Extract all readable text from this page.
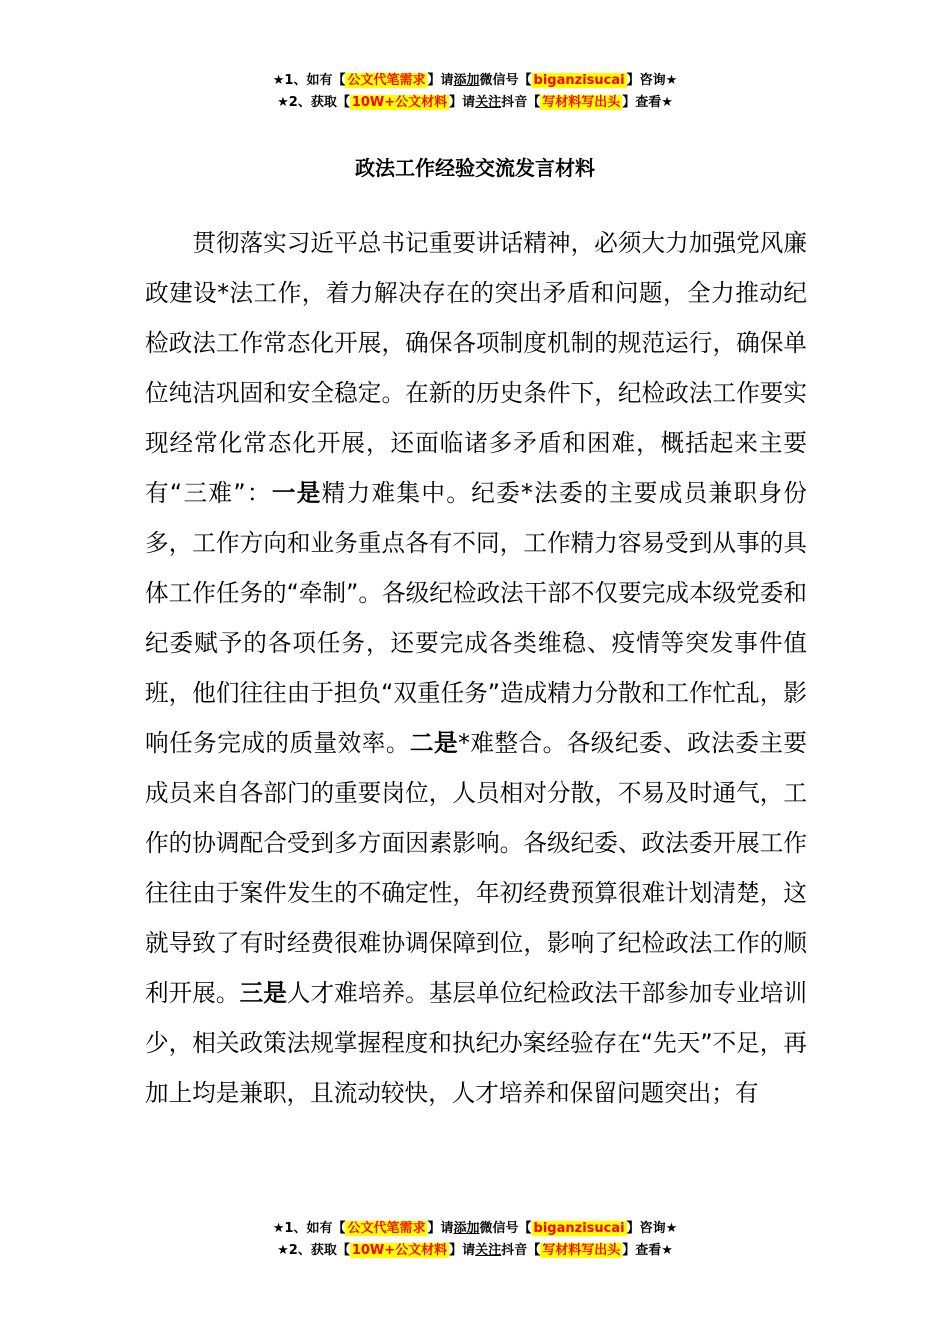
★1、如有【 公文代笔需求 】请添加微信号【 biganzisucai 】咨询★
★2、获取【 10W+公文材料 】请关注抖音【 写材料写出头 】查看★
政法工作经验交流发言材料

贯彻落实习近平总书记重要讲话精神，必须大力加强党风廉政建设*法工作，着力解决存在的突出矛盾和问题，全力推动纪检政法工作常态化开展，确保各项制度机制的规范运行，确保单位纯洁巩固和安全稳定。在新的历史条件下，纪检政法工作要实现经常化常态化开展，还面临诸多矛盾和困难，概括起来主要有“三难”：一是精力难集中。纪委*法委的主要成员兼职身份多，工作方向和业务重点各有不同，工作精力容易受到从事的具体工作任务的“牵制”。各级纪检政法干部不仅要完成本级党委和纪委赋予的各项任务，还要完成各类维稳、疫情等突发事件值班，他们往往由于担负“双重任务”造成精力分散和工作忙乱，影响任务完成的质量效率。二是*难整合。各级纪委、政法委主要成员来自各部门的重要岗位，人员相对分散，不易及时通气，工作的协调配合受到多方面因素影响。各级纪委、政法委开展工作往往由于案件发生的不确定性，年初经费预算很难计划清楚，这就导致了有时经费很难协调保障到位，影响了纪检政法工作的顺利开展。三是人才难培养。基层单位纪检政法干部参加专业培训少，相关政策法规掌握程度和执纪办案经验存在“先天”不足，再加上均是兼职，且流动较快，人才培养和保留问题突出；有

★1、如有【 公文代笔需求 】请添加微信号【 biganzisucai 】咨询★
★2、获取【 10W+公文材料 】请关注抖音【 写材料写出头 】查看★
